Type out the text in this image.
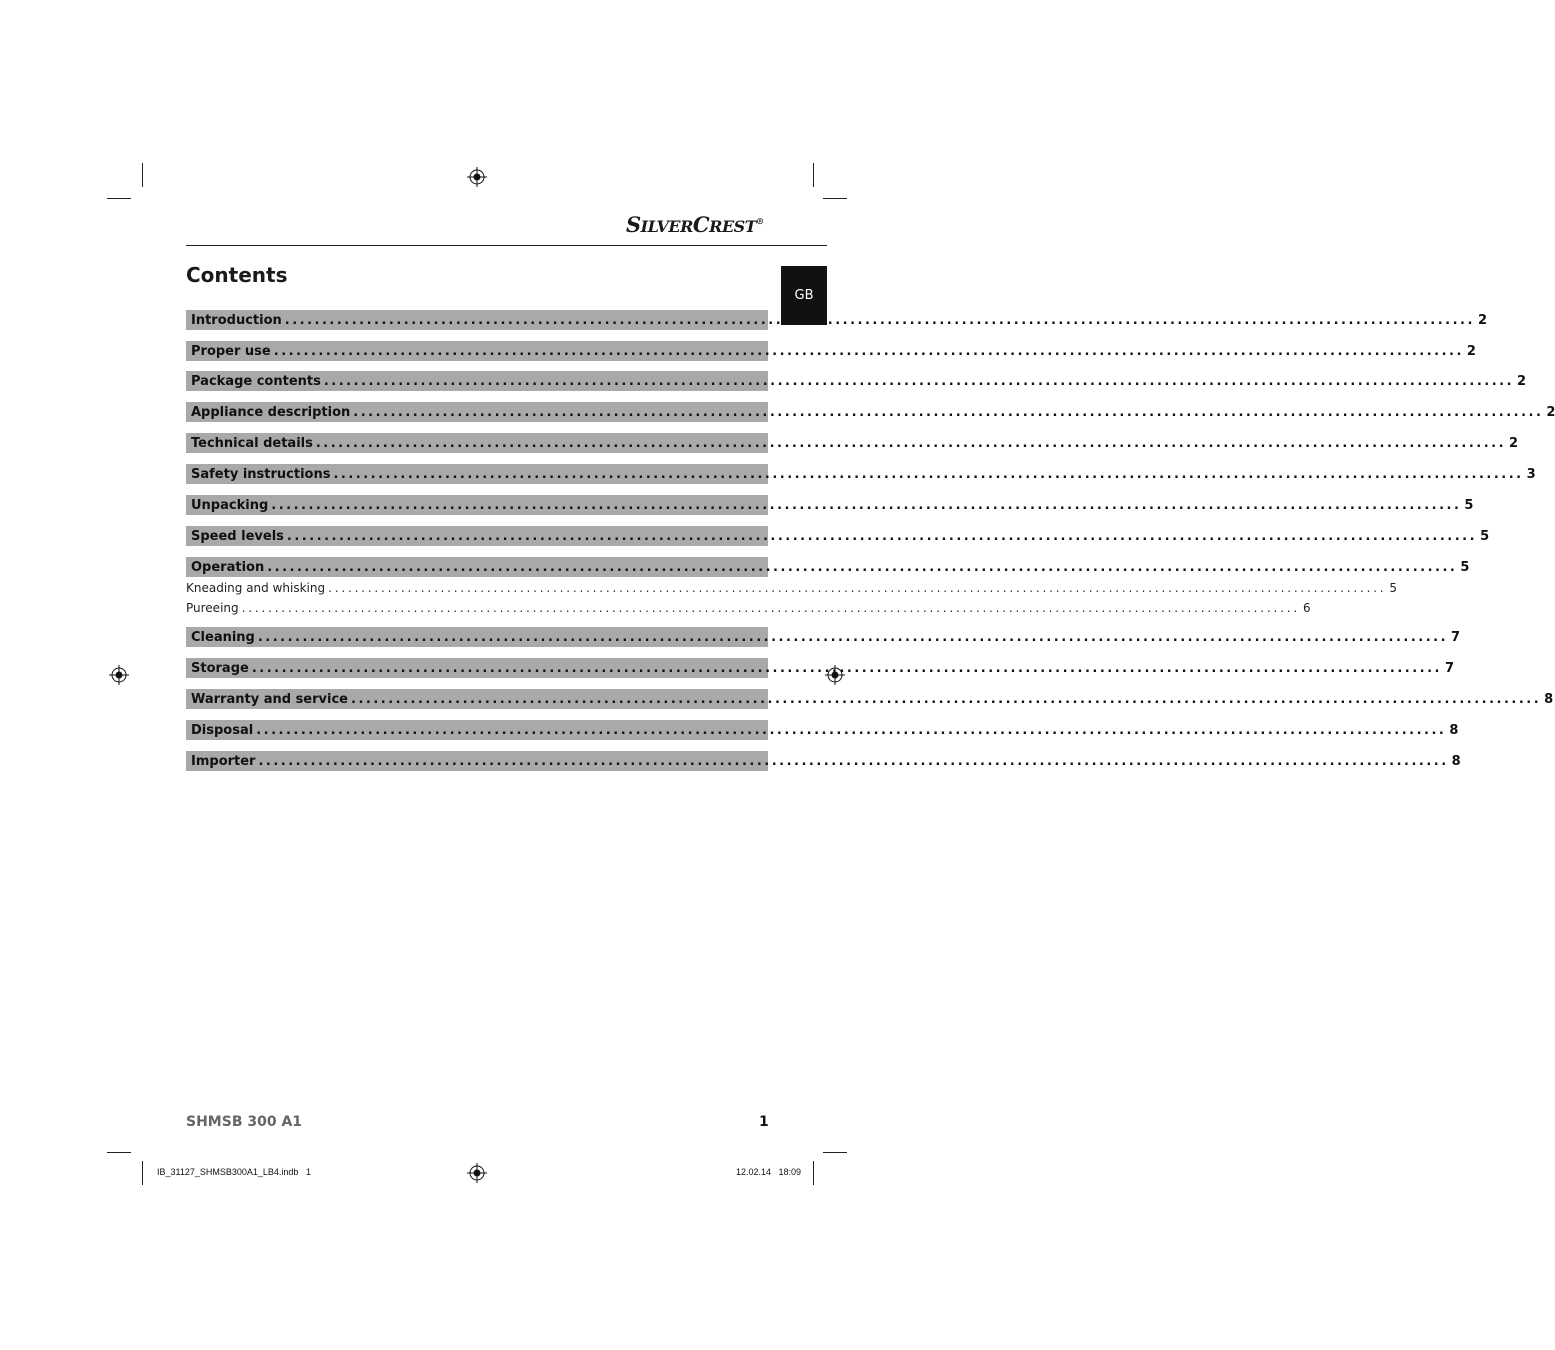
SILVERCREST®
Contents
GB
Introduction ................................................................................................................................................................ 2
Proper use ................................................................................................................................................................ 2
Package contents ................................................................................................................................................................ 2
Appliance description ................................................................................................................................................................ 2
Technical details ................................................................................................................................................................ 2
Safety instructions ................................................................................................................................................................ 3
Unpacking ................................................................................................................................................................ 5
Speed levels ................................................................................................................................................................ 5
Operation ................................................................................................................................................................ 5
Kneading and whisking ................................................................................................................................................................ 5
Pureeing ................................................................................................................................................................ 6
Cleaning ................................................................................................................................................................ 7
Storage ................................................................................................................................................................ 7
Warranty and service ................................................................................................................................................................ 8
Disposal ................................................................................................................................................................ 8
Importer ................................................................................................................................................................ 8
SHMSB 300 A1	1
IB_31127_SHMSB300A1_LB4.indb   1	12.02.14   18:09
